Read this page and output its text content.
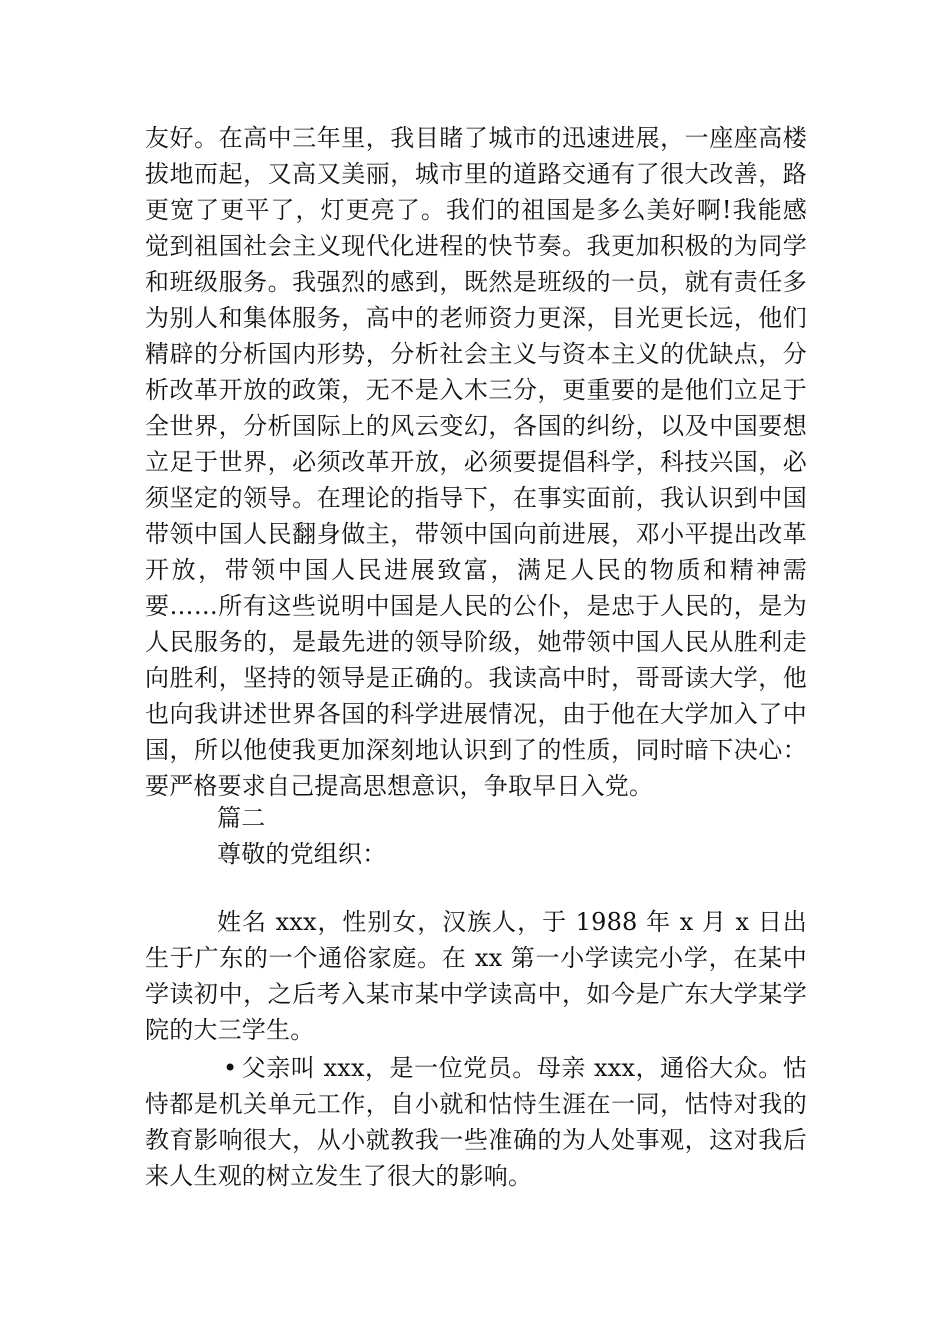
友好。在高中三年里，我目睹了城市的迅速进展，一座座高楼拔地而起，又高又美丽，城市里的道路交通有了很大改善，路更宽了更平了，灯更亮了。我们的祖国是多么美好啊!我能感觉到祖国社会主义现代化进程的快节奏。我更加积极的为同学和班级服务。我强烈的感到，既然是班级的一员，就有责任多为别人和集体服务，高中的老师资力更深，目光更长远，他们精辟的分析国内形势，分析社会主义与资本主义的优缺点，分析改革开放的政策，无不是入木三分，更重要的是他们立足于全世界，分析国际上的风云变幻，各国的纠纷，以及中国要想立足于世界，必须改革开放，必须要提倡科学，科技兴国，必须坚定的领导。在理论的指导下，在事实面前，我认识到中国带领中国人民翻身做主，带领中国向前进展，邓小平提出改革开放，带领中国人民进展致富，满足人民的物质和精神需要……所有这些说明中国是人民的公仆，是忠于人民的，是为人民服务的，是最先进的领导阶级，她带领中国人民从胜利走向胜利，坚持的领导是正确的。我读高中时，哥哥读大学，他也向我讲述世界各国的科学进展情况，由于他在大学加入了中国，所以他使我更加深刻地认识到了的性质，同时暗下决心：要严格要求自己提高思想意识，争取早日入党。

篇二

尊敬的党组织：

姓名 xxx，性别女，汉族人，于 1988 年 x 月 x 日出生于广东的一个通俗家庭。在 xx 第一小学读完小学，在某中学读初中，之后考入某市某中学读高中，如今是广东大学某学院的大三学生。

• 父亲叫 xxx，是一位党员。母亲 xxx，通俗大众。怙恃都是机关单元工作，自小就和怙恃生涯在一同，怙恃对我的教育影响很大，从小就教我一些准确的为人处事观，这对我后来人生观的树立发生了很大的影响。
